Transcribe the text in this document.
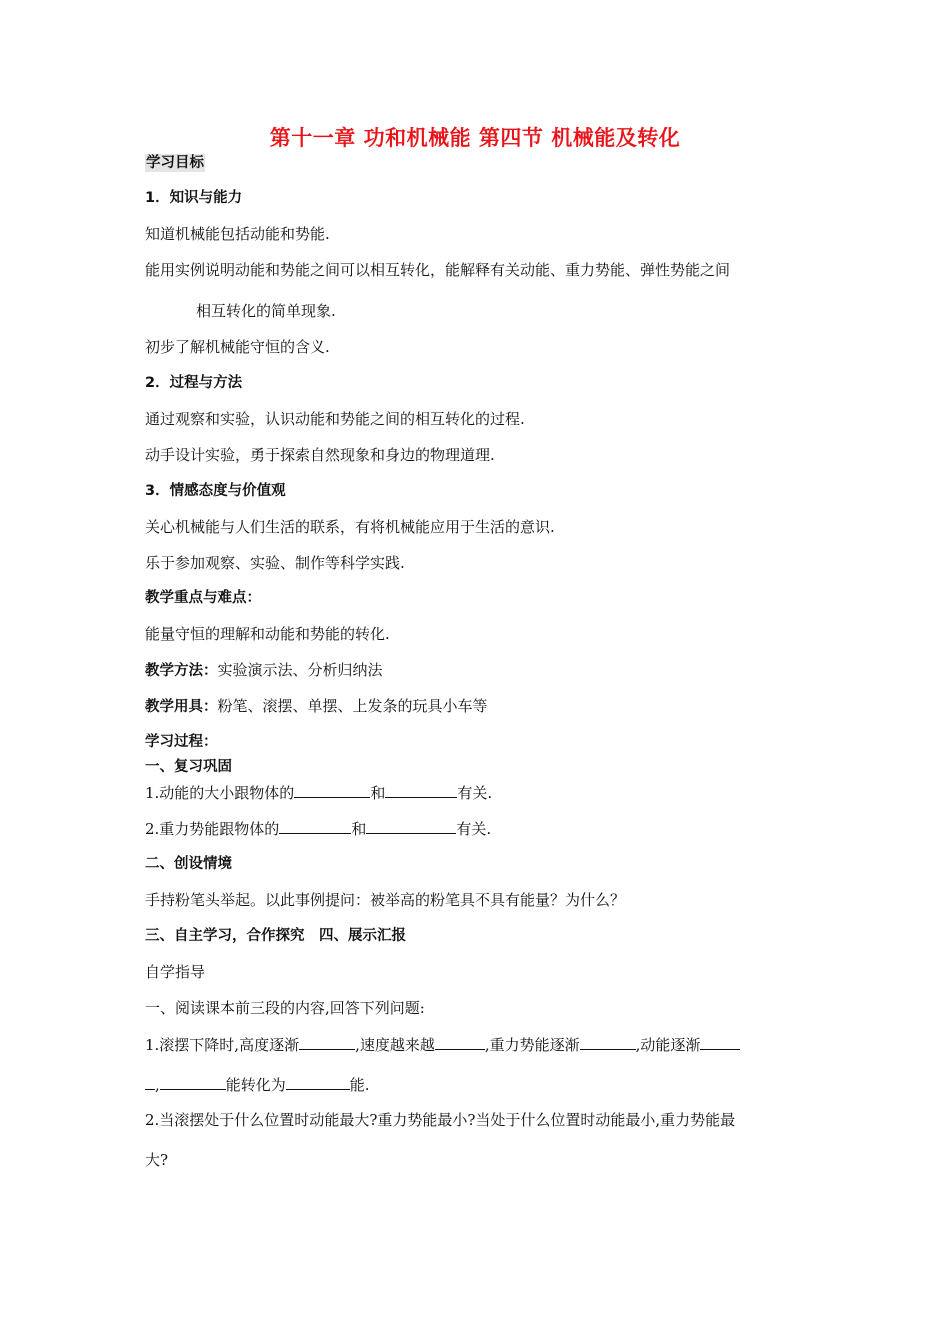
第十一章 功和机械能 第四节 机械能及转化
学习目标
1．知识与能力
知道机械能包括动能和势能.
能用实例说明动能和势能之间可以相互转化，能解释有关动能、重力势能、弹性势能之间
相互转化的简单现象.
初步了解机械能守恒的含义.
2．过程与方法
通过观察和实验，认识动能和势能之间的相互转化的过程.
动手设计实验，勇于探索自然现象和身边的物理道理.
3．情感态度与价值观
关心机械能与人们生活的联系，有将机械能应用于生活的意识.
乐于参加观察、实验、制作等科学实践.
教学重点与难点：
能量守恒的理解和动能和势能的转化.
教学方法：实验演示法、分析归纳法
教学用具：粉笔、滚摆、单摆、上发条的玩具小车等
学习过程：
一、复习巩固
1.动能的大小跟物体的	和	有关.
2.重力势能跟物体的	和	有关.
二、创设情境
手持粉笔头举起。以此事例提问：被举高的粉笔具不具有能量？为什么？
三、自主学习，合作探究　四、展示汇报
自学指导
一、阅读课本前三段的内容,回答下列问题:
1.滚摆下降时,高度逐渐	,速度越来越	,重力势能逐渐	,动能逐渐
,	能转化为	能.
2.当滚摆处于什么位置时动能最大?重力势能最小?当处于什么位置时动能最小,重力势能最
大?
